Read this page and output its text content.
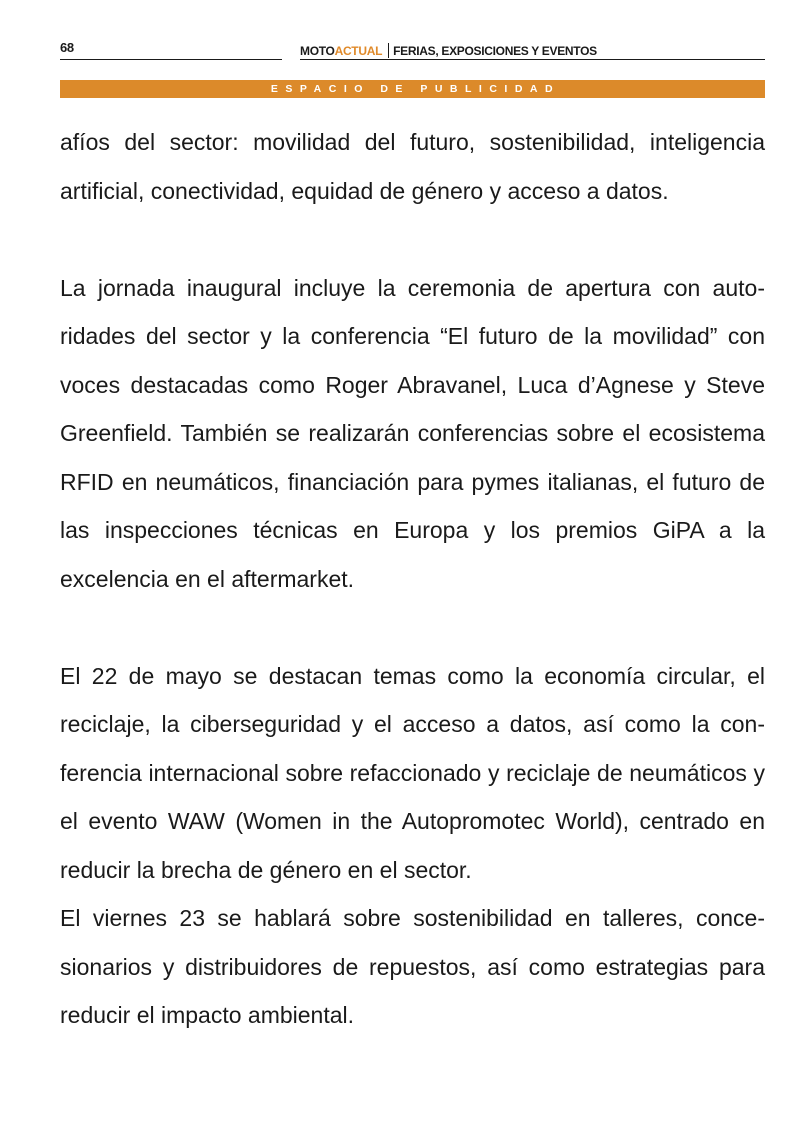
68	MOTOACTUAL FERIAS, EXPOSICIONES Y EVENTOS
ESPACIO DE PUBLICIDAD

afíos del sector: movilidad del futuro, sostenibilidad, inteligencia artificial, conectividad, equidad de género y acceso a datos.

La jornada inaugural incluye la ceremonia de apertura con autoridades del sector y la conferencia “El futuro de la movilidad” con voces destacadas como Roger Abravanel, Luca d’Agnese y Steve Greenfield. También se realizarán conferencias sobre el ecosistema RFID en neumáticos, financiación para pymes italianas, el futuro de las inspecciones técnicas en Europa y los premios GiPA a la excelencia en el aftermarket.

El 22 de mayo se destacan temas como la economía circular, el reciclaje, la ciberseguridad y el acceso a datos, así como la conferencia internacional sobre refaccionado y reciclaje de neumáticos y el evento WAW (Women in the Autopromotec World), centrado en reducir la brecha de género en el sector.

El viernes 23 se hablará sobre sostenibilidad en talleres, concesionarios y distribuidores de repuestos, así como estrategias para reducir el impacto ambiental.
